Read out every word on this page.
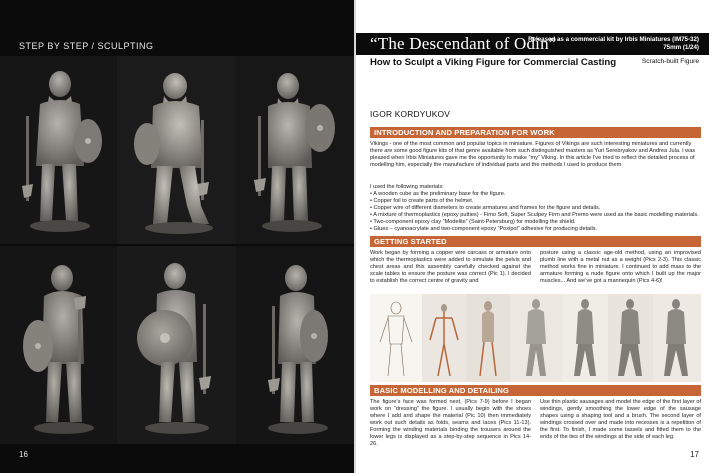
STEP BY STEP / SCULPTING
16
“The Descendant of Odin”
Released as a commercial kit by Irbis Miniatures (IM75-32)
75mm (1/24)
How to Sculpt a Viking Figure for Commercial Casting	Scratch-built Figure
IGOR KORDYUKOV
INTRODUCTION AND PREPARATION FOR WORK
Vikings - one of the most common and popular topics in miniature. Figures of Vikings are such interesting miniatures and currently there are some good figure kits of that genre available from such distinguished masters as Yuri Serebryakov and Andrea Jula. I was pleased when Irbis Miniatures gave me the opportunity to make “my” Viking. In this article I’ve tried to reflect the detailed process of modelling him, especially the manufacture of individual parts and the methods I used to produce them.
I used the following materials:
• A wooden cube as the preliminary base for the figure.
• Copper foil to create parts of the helmet.
• Copper wire of different diameters to create armatures and frames for the figure and details.
• A mixture of thermoplastics (epoxy putties) - Fimo Soft, Super Sculpey Firm and Premo were used as the basic modelling materials.
• Two-component epoxy clay “Modelite” (Saint-Petersburg) for modelling the shield.
• Glues – cyanoacrylate and two-component epoxy “Poxipol” adhesive for producing details.
GETTING STARTED
Work began by forming a copper wire carcass or armature onto which the thermoplastics were added to simulate the pelvis and chest areas and this assembly carefully checked against the scale tables to ensure the posture was correct (Pic 1). I decided to establish the correct centre of gravity and
posture using a classic age-old method, using an improvised plumb line with a metal nut as a weight (Pics 2-3). This classic method works fine in miniature. I continued to add mass to the armature forming a nude figure onto which I built up the major muscles... And we’ve got a mannequin (Pics 4-6)!
BASIC MODELLING AND DETAILING
The figure’s face was formed next, (Pics 7-9) before I began work on “dressing” the figure. I usually begin with the shoes where I add and shape the material (Pic 10) then immediately work out such details as folds, seams and laces (Pics 11-13). Forming the winding materials binding the trousers around the lower legs is displayed as a step-by-step sequence in Pics 14-26.
Use thin plastic sausages and model the edge of the first layer of windings, gently smoothing the lower edge of the sausage shapes using a shaping tool and a brush. The second layer of windings crossed over and made into recesses is a repetition of the first. To finish, I made some tassels and fitted them to the ends of the ties of the windings at the side of each leg.
17
